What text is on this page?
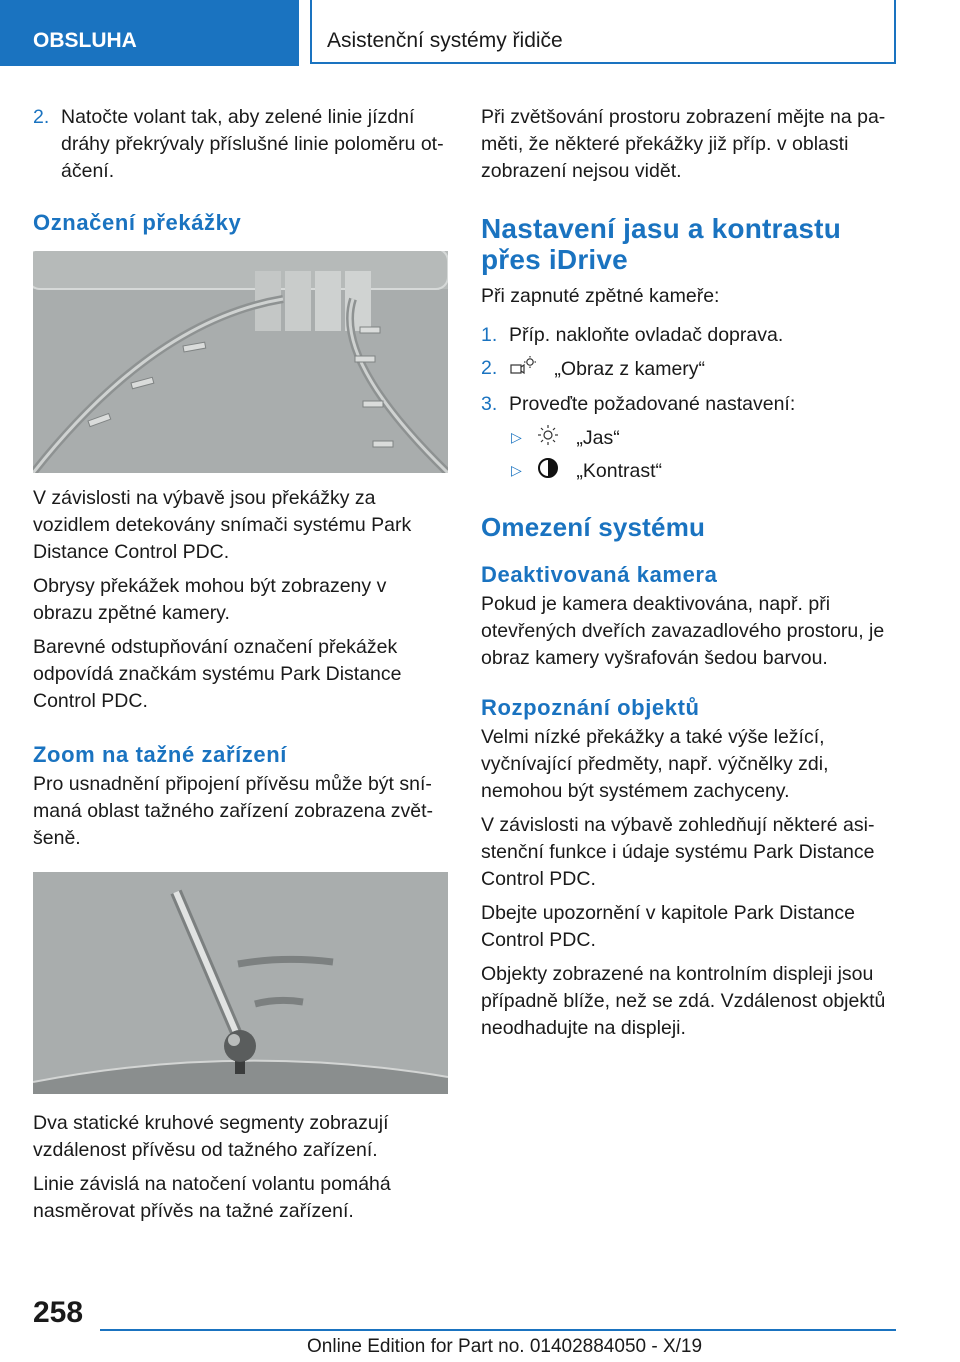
OBSLUHA	Asistenční systémy řidiče
2. Natočte volant tak, aby zelené linie jízdní dráhy překrývaly příslušné linie poloměru otáčení.
Označení překážky

V závislosti na výbavě jsou překážky za vozidlem detekovány snímači systému Park Distance Control PDC.

Obrysy překážek mohou být zobrazeny v obrazu zpětné kamery.

Barevné odstupňování označení překážek odpovídá značkám systému Park Distance Control PDC.

Zoom na tažné zařízení

Pro usnadnění připojení přívěsu může být snímaná oblast tažného zařízení zobrazena zvětšeně.

Dva statické kruhové segmenty zobrazují vzdálenost přívěsu od tažného zařízení.

Linie závislá na natočení volantu pomáhá nasměrovat přívěs na tažné zařízení.

Při zvětšování prostoru zobrazení mějte na paměti, že některé překážky již příp. v oblasti zobrazení nejsou vidět.

Nastavení jasu a kontrastu přes iDrive

Při zapnuté zpětné kameře:

1. Příp. nakloňte ovladač doprava.
2.	„Obraz z kamery“
3. Proveďte požadované nastavení:
▷	„Jas“
▷	„Kontrast“
Omezení systému
Deaktivovaná kamera

Pokud je kamera deaktivována, např. při otevřených dveřích zavazadlového prostoru, je obraz kamery vyšrafován šedou barvou.

Rozpoznání objektů

Velmi nízké překážky a také výše ležící, vyčnívající předměty, např. výčnělky zdi, nemohou být systémem zachyceny.

V závislosti na výbavě zohledňují některé asistenční funkce i údaje systému Park Distance Control PDC.

Dbejte upozornění v kapitole Park Distance Control PDC.

Objekty zobrazené na kontrolním displeji jsou případně blíže, než se zdá. Vzdálenost objektů neodhadujte na displeji.

258
Online Edition for Part no. 01402884050 - X/19
